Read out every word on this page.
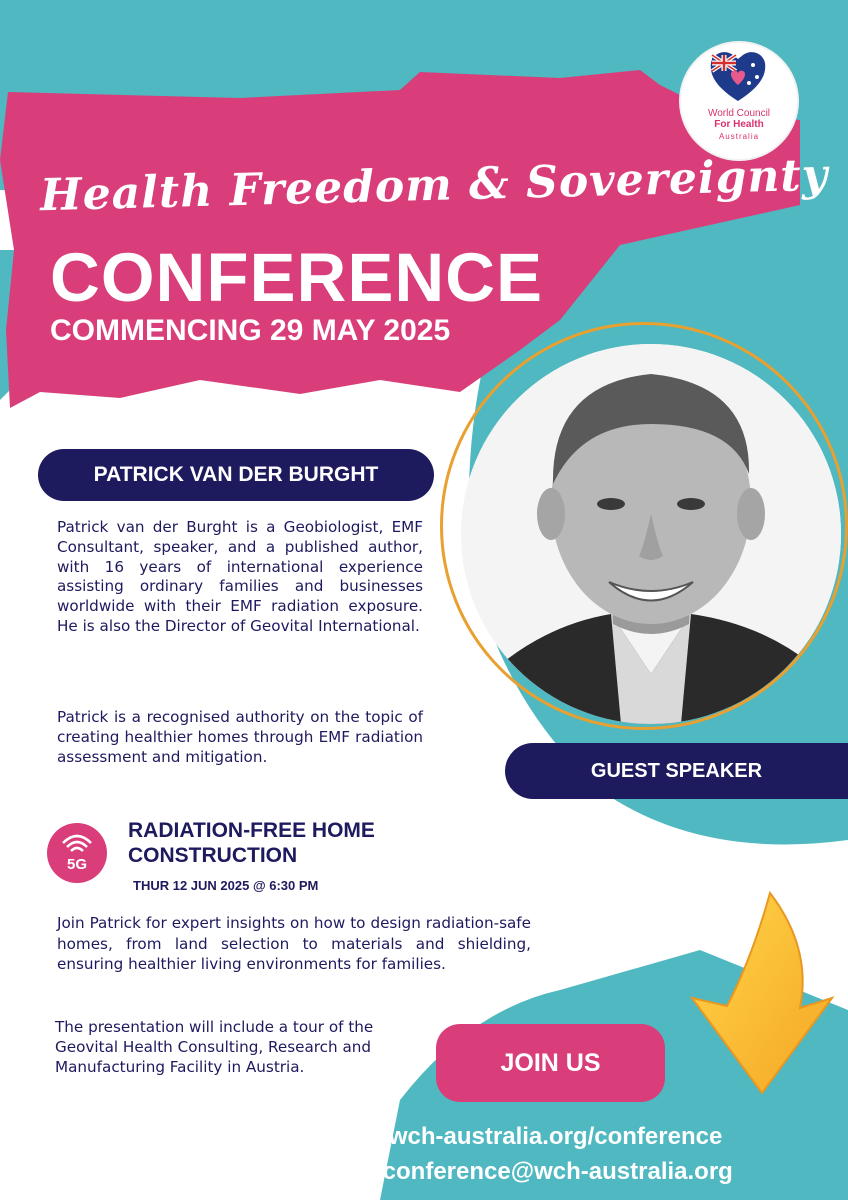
World Council
For Health
Australia
Health Freedom & Sovereignty
CONFERENCE
COMMENCING 29 MAY 2025
PATRICK VAN DER BURGHT
Patrick van der Burght is a Geobiologist, EMF Consultant, speaker, and a published author, with 16 years of international experience assisting ordinary families and businesses worldwide with their EMF radiation exposure. He is also the Director of Geovital International.
Patrick is a recognised authority on the topic of creating healthier homes through EMF radiation assessment and mitigation.
GUEST SPEAKER
5G
RADIATION-FREE HOME CONSTRUCTION
THUR 12 JUN 2025 @ 6:30 PM
Join Patrick for expert insights on how to design radiation-safe homes, from land selection to materials and shielding, ensuring healthier living environments for families.
The presentation will include a tour of the Geovital Health Consulting, Research and Manufacturing Facility in Austria.	JOIN US
W: wch-australia.org/conference
E: conference@wch-australia.org
